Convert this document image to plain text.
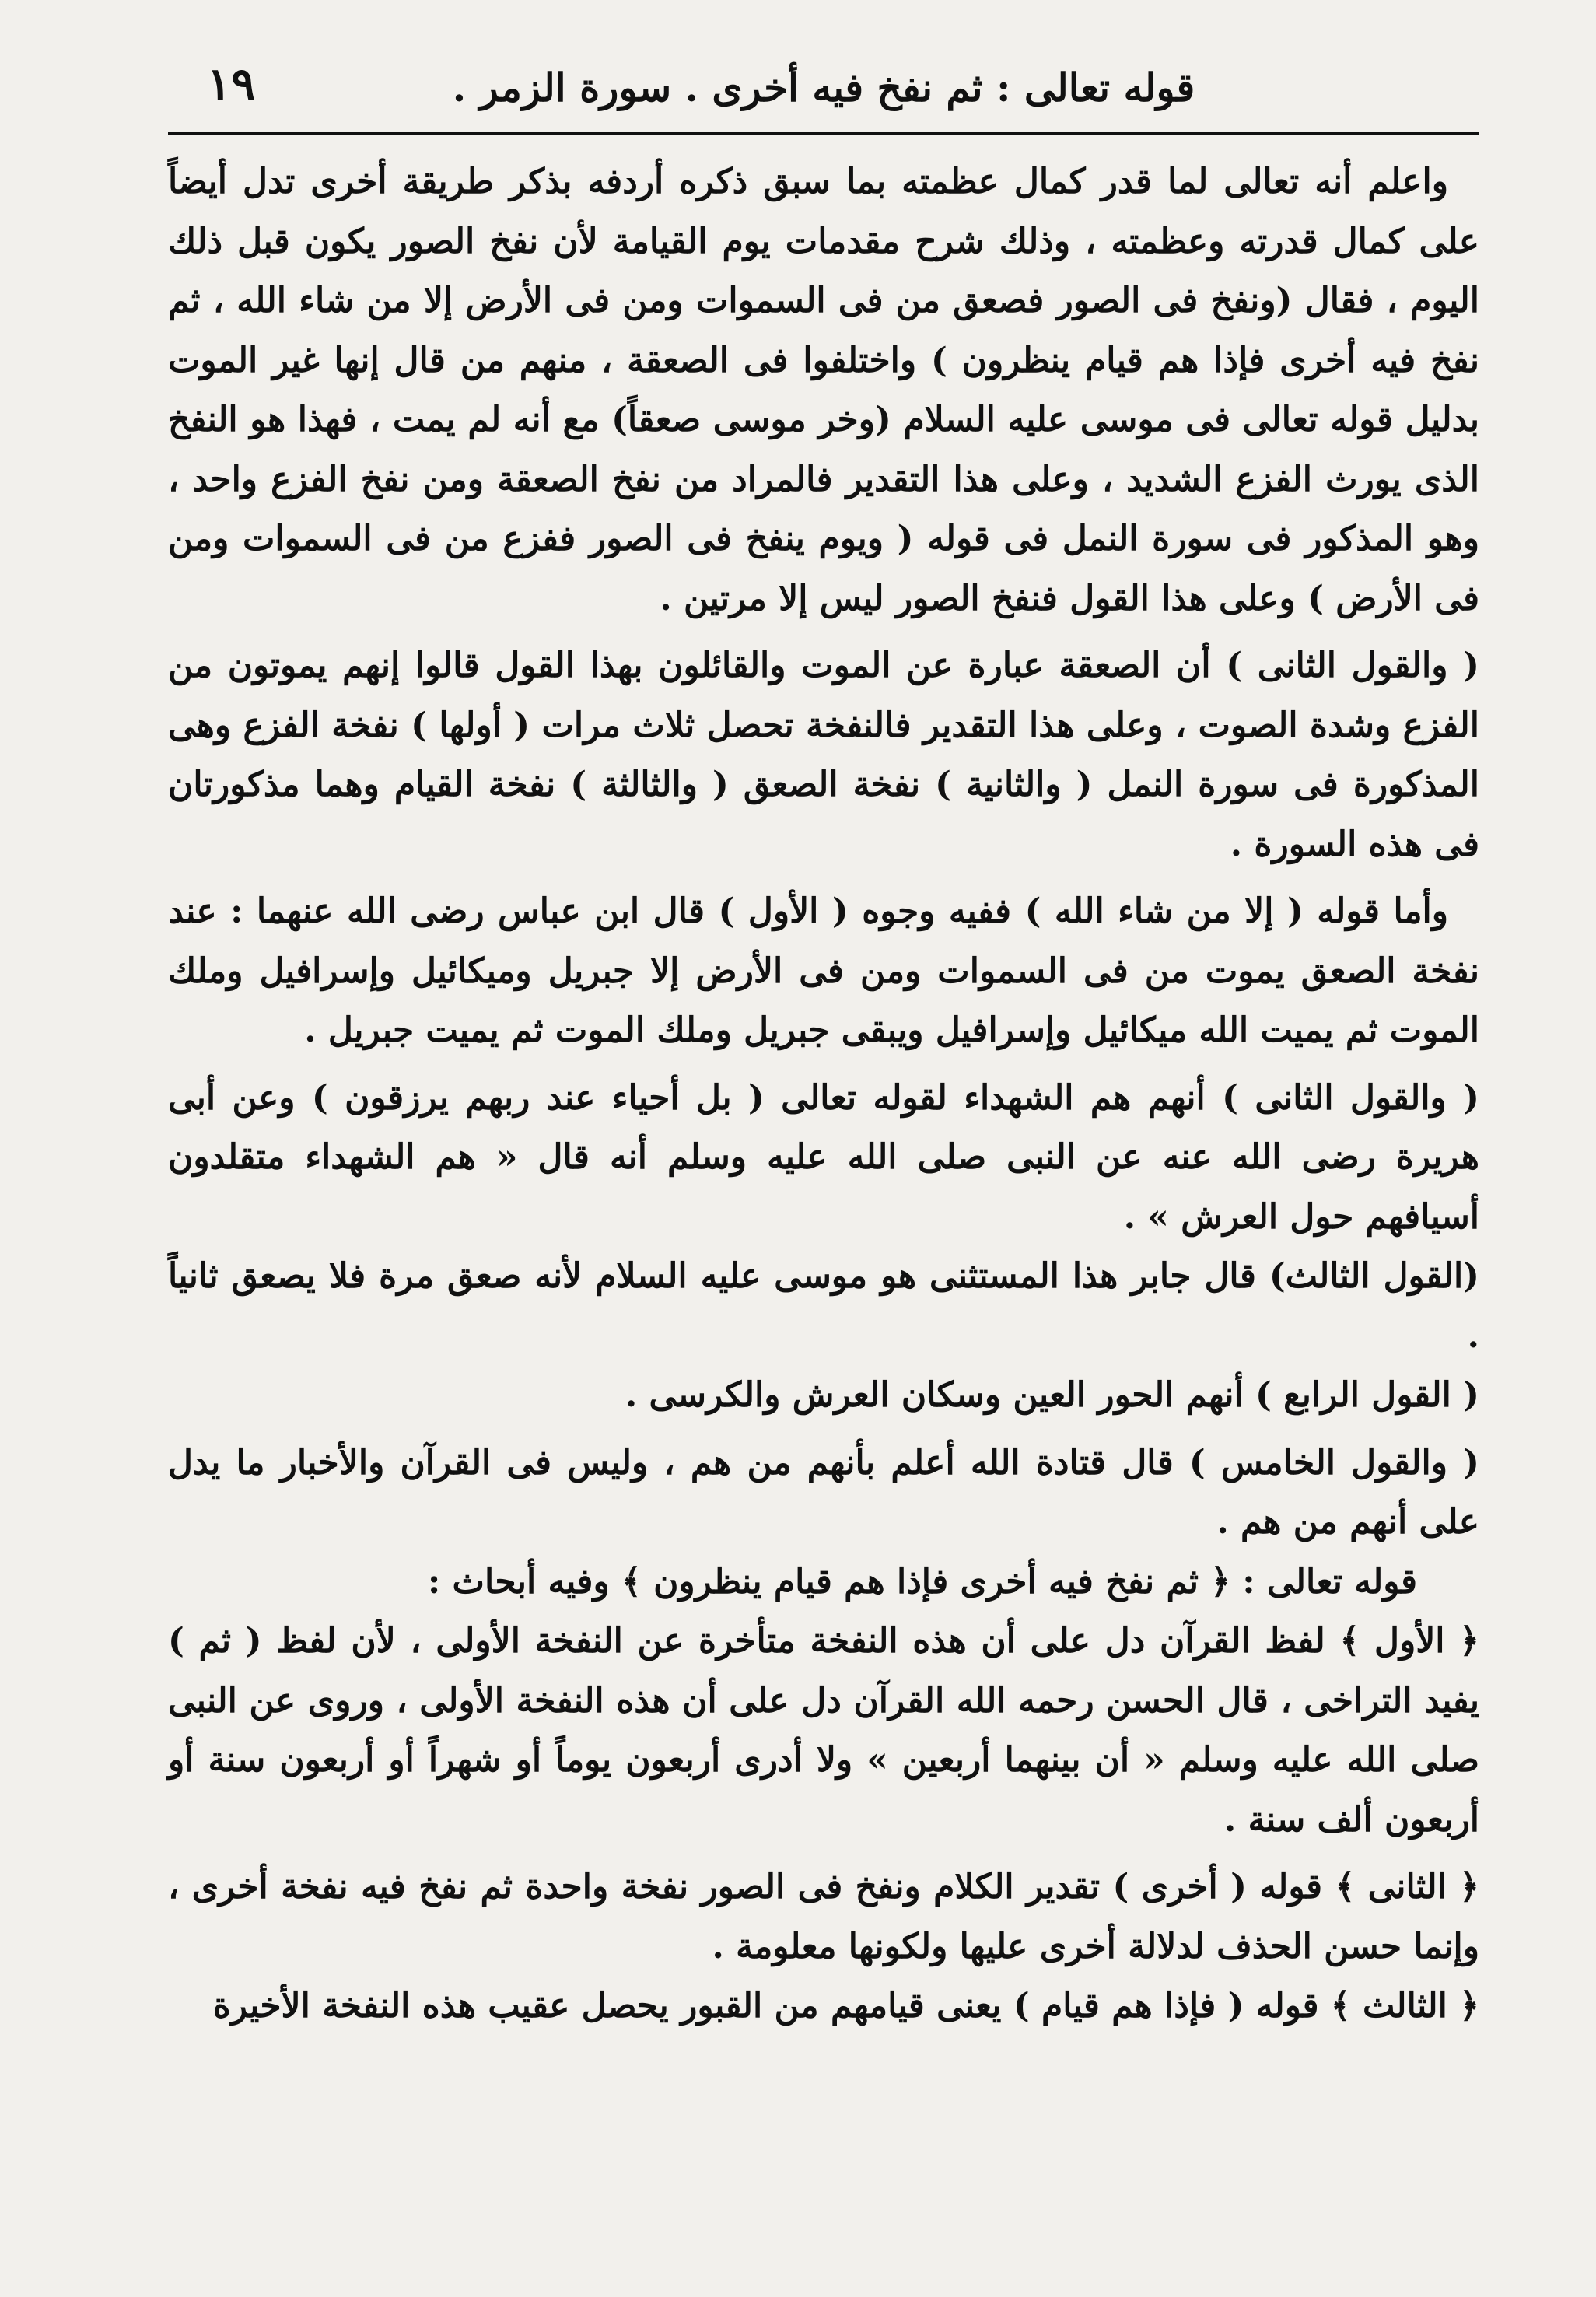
١٩	قوله تعالى : ثم نفخ فيه أخرى . سورة الزمر .

واعلم أنه تعالى لما قدر كمال عظمته بما سبق ذكره أردفه بذكر طريقة أخرى تدل أيضاً على كمال قدرته وعظمته ، وذلك شرح مقدمات يوم القيامة لأن نفخ الصور يكون قبل ذلك اليوم ، فقال (ونفخ فى الصور فصعق من فى السموات ومن فى الأرض إلا من شاء الله ، ثم نفخ فيه أخرى فإذا هم قيام ينظرون ) واختلفوا فى الصعقة ، منهم من قال إنها غير الموت بدليل قوله تعالى فى موسى عليه السلام (وخر موسى صعقاً) مع أنه لم يمت ، فهذا هو النفخ الذى يورث الفزع الشديد ، وعلى هذا التقدير فالمراد من نفخ الصعقة ومن نفخ الفزع واحد ، وهو المذكور فى سورة النمل فى قوله ( ويوم ينفخ فى الصور ففزع من فى السموات ومن فى الأرض ) وعلى هذا القول فنفخ الصور ليس إلا مرتين .

( والقول الثانى ) أن الصعقة عبارة عن الموت والقائلون بهذا القول قالوا إنهم يموتون من الفزع وشدة الصوت ، وعلى هذا التقدير فالنفخة تحصل ثلاث مرات ( أولها ) نفخة الفزع وهى المذكورة فى سورة النمل ( والثانية ) نفخة الصعق ( والثالثة ) نفخة القيام وهما مذكورتان فى هذه السورة .

وأما قوله ( إلا من شاء الله ) ففيه وجوه ( الأول ) قال ابن عباس رضى الله عنهما : عند نفخة الصعق يموت من فى السموات ومن فى الأرض إلا جبريل وميكائيل وإسرافيل وملك الموت ثم يميت الله ميكائيل وإسرافيل ويبقى جبريل وملك الموت ثم يميت جبريل .

( والقول الثانى ) أنهم هم الشهداء لقوله تعالى ( بل أحياء عند ربهم يرزقون ) وعن أبى هريرة رضى الله عنه عن النبى صلى الله عليه وسلم أنه قال « هم الشهداء متقلدون أسيافهم حول العرش » .

(القول الثالث) قال جابر هذا المستثنى هو موسى عليه السلام لأنه صعق مرة فلا يصعق ثانياً .

( القول الرابع ) أنهم الحور العين وسكان العرش والكرسى .

( والقول الخامس ) قال قتادة الله أعلم بأنهم من هم ، وليس فى القرآن والأخبار ما يدل على أنهم من هم .

قوله تعالى : ﴿ ثم نفخ فيه أخرى فإذا هم قيام ينظرون ﴾ وفيه أبحاث :

﴿ الأول ﴾ لفظ القرآن دل على أن هذه النفخة متأخرة عن النفخة الأولى ، لأن لفظ ( ثم ) يفيد التراخى ، قال الحسن رحمه الله القرآن دل على أن هذه النفخة الأولى ، وروى عن النبى صلى الله عليه وسلم « أن بينهما أربعين » ولا أدرى أربعون يوماً أو شهراً أو أربعون سنة أو أربعون ألف سنة .

﴿ الثانى ﴾ قوله ( أخرى ) تقدير الكلام ونفخ فى الصور نفخة واحدة ثم نفخ فيه نفخة أخرى ، وإنما حسن الحذف لدلالة أخرى عليها ولكونها معلومة .

﴿ الثالث ﴾ قوله ( فإذا هم قيام ) يعنى قيامهم من القبور يحصل عقيب هذه النفخة الأخيرة
